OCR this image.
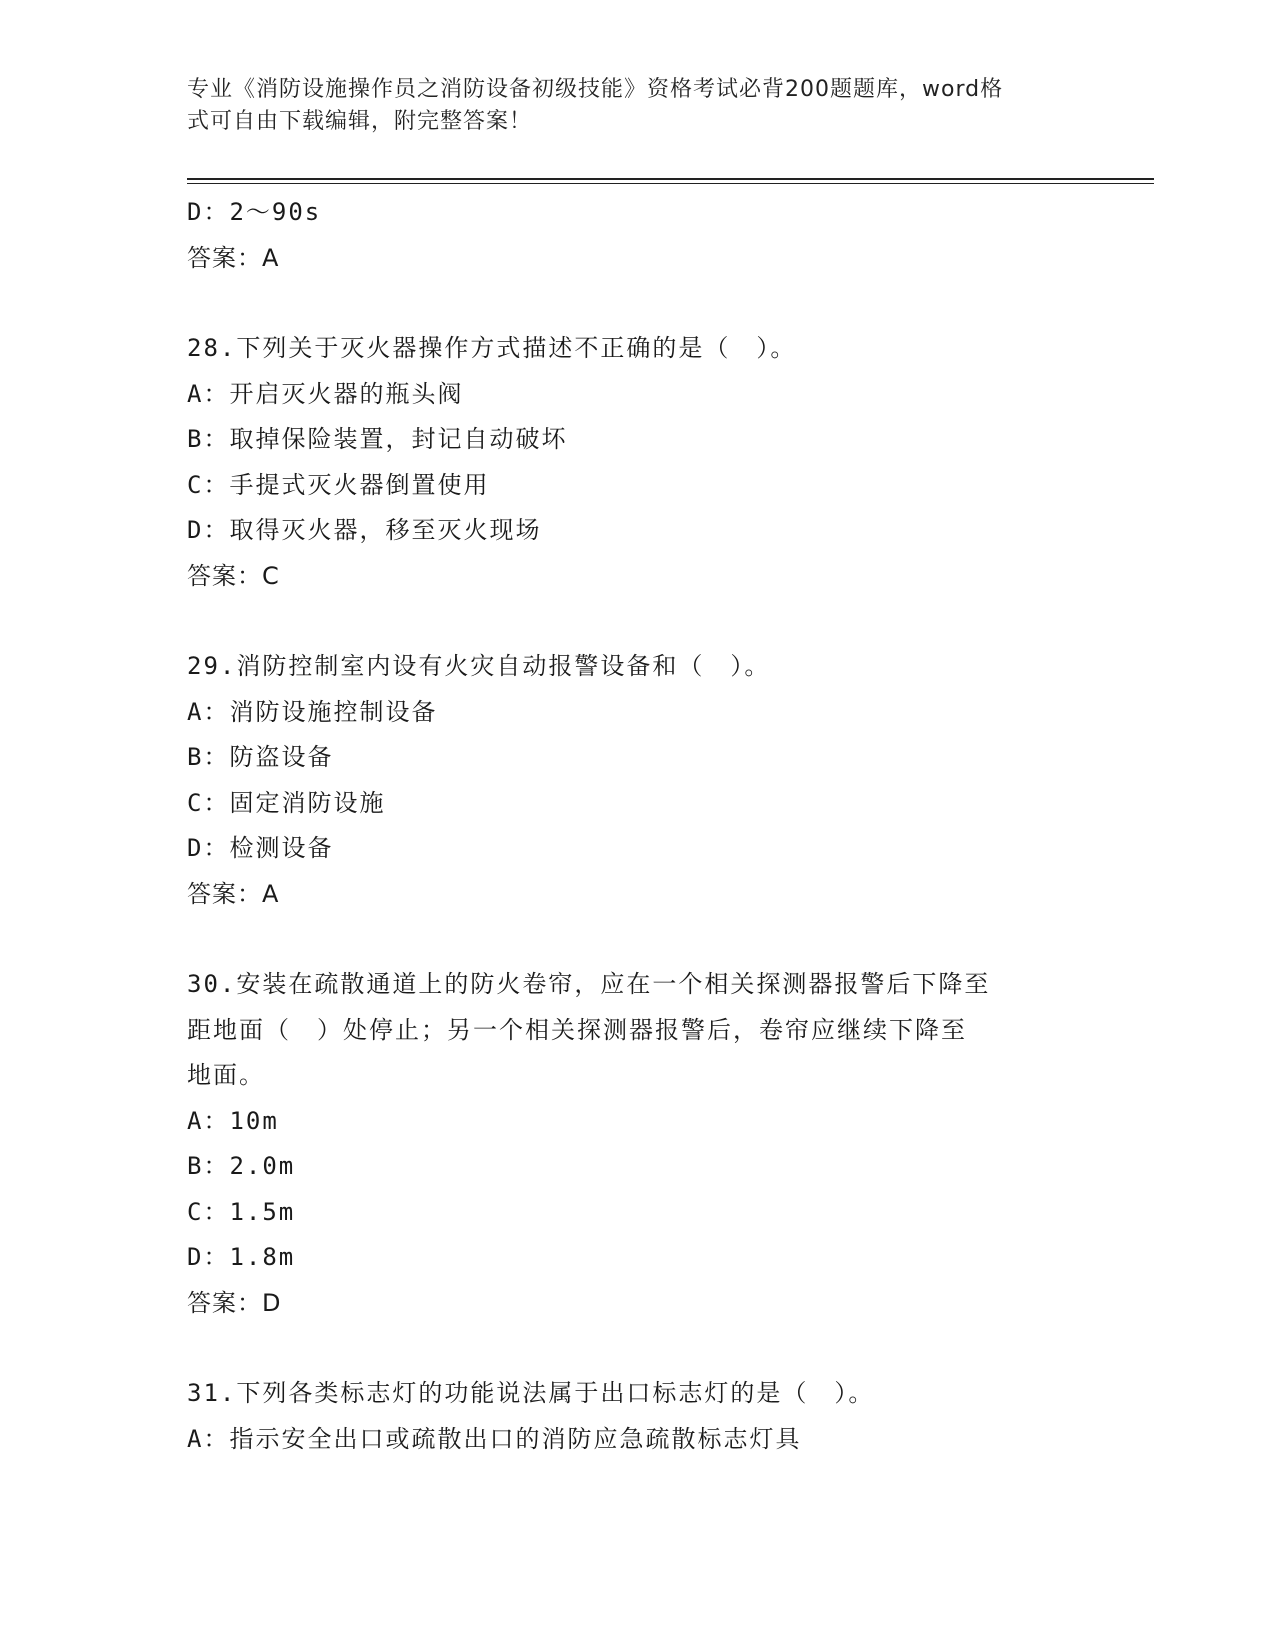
专业《消防设施操作员之消防设备初级技能》资格考试必背200题题库，word格
式可自由下载编辑，附完整答案！
D：2～90s
答案：A
28.下列关于灭火器操作方式描述不正确的是（　）。
A：开启灭火器的瓶头阀
B：取掉保险装置，封记自动破坏
C：手提式灭火器倒置使用
D：取得灭火器，移至灭火现场
答案：C
29.消防控制室内设有火灾自动报警设备和（　）。
A：消防设施控制设备
B：防盗设备
C：固定消防设施
D：检测设备
答案：A
30.安装在疏散通道上的防火卷帘，应在一个相关探测器报警后下降至
距地面（　）处停止；另一个相关探测器报警后，卷帘应继续下降至
地面。
A：10m
B：2.0m
C：1.5m
D：1.8m
答案：D
31.下列各类标志灯的功能说法属于出口标志灯的是（　）。
A：指示安全出口或疏散出口的消防应急疏散标志灯具
